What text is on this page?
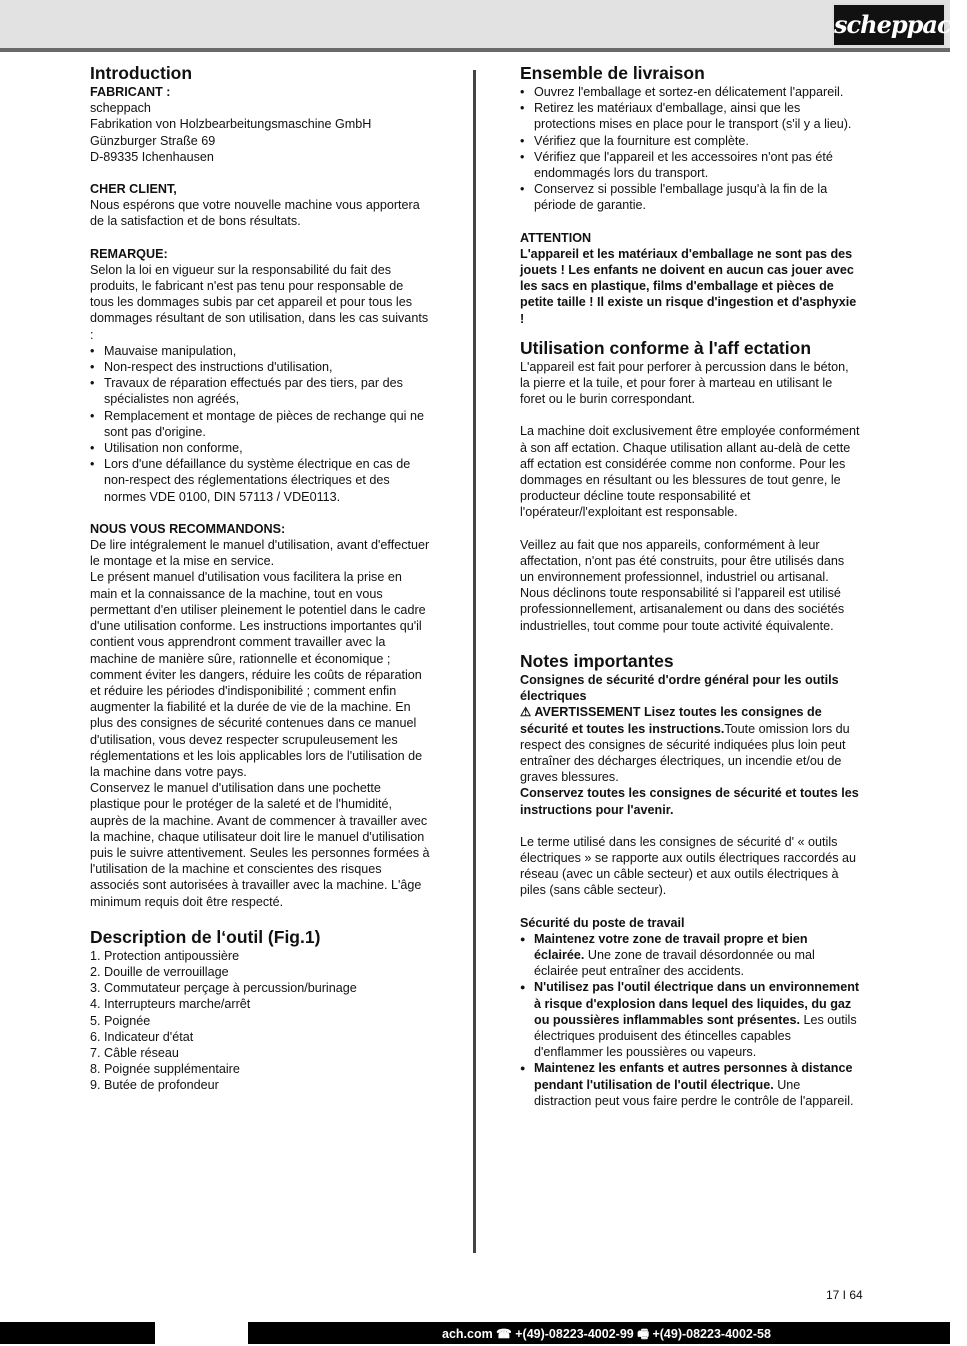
scheppach
Introduction

FABRICANT :

scheppach

Fabrikation von Holzbearbeitungsmaschine GmbH

Günzburger Straße 69

D-89335 Ichenhausen

CHER CLIENT,

Nous espérons que votre nouvelle machine vous apportera de la satisfaction et de bons résultats.

REMARQUE:

Selon la loi en vigueur sur la responsabilité du fait des produits, le fabricant n'est pas tenu pour responsable de tous les dommages subis par cet appareil et pour tous les dommages résultant de son utilisation, dans les cas suivants :

• Mauvaise manipulation,
• Non-respect des instructions d'utilisation,
• Travaux de réparation effectués par des tiers, par des spécialistes non agréés,
• Remplacement et montage de pièces de rechange qui ne sont pas d'origine.
• Utilisation non conforme,
• Lors d'une défaillance du système électrique en cas de non-respect des réglementations électriques et des normes VDE 0100, DIN 57113 / VDE0113.

NOUS VOUS RECOMMANDONS:

De lire intégralement le manuel d'utilisation, avant d'effectuer le montage et la mise en service.

Le présent manuel d'utilisation vous facilitera la prise en main et la connaissance de la machine, tout en vous permettant d'en utiliser pleinement le potentiel dans le cadre d'une utilisation conforme. Les instructions importantes qu'il contient vous apprendront comment travailler avec la machine de manière sûre, rationnelle et économique ; comment éviter les dangers, réduire les coûts de réparation et réduire les périodes d'indisponibilité ; comment enfin augmenter la fiabilité et la durée de vie de la machine. En plus des consignes de sécurité contenues dans ce manuel d'utilisation, vous devez respecter scrupuleusement les réglementations et les lois applicables lors de l'utilisation de la machine dans votre pays.

Conservez le manuel d'utilisation dans une pochette plastique pour le protéger de la saleté et de l'humidité, auprès de la machine. Avant de commencer à travailler avec la machine, chaque utilisateur doit lire le manuel d'utilisation puis le suivre attentivement. Seules les personnes formées à l'utilisation de la machine et conscientes des risques associés sont autorisées à travailler avec la machine. L'âge minimum requis doit être respecté.

Description de l‘outil (Fig.1)
1. Protection antipoussière
2. Douille de verrouillage
3. Commutateur perçage à percussion/burinage
4. Interrupteurs marche/arrêt
5. Poignée
6. Indicateur d'état
7. Câble réseau
8. Poignée supplémentaire
9. Butée de profondeur
Ensemble de livraison
• Ouvrez l'emballage et sortez-en délicatement l'appareil.
• Retirez les matériaux d'emballage, ainsi que les protections mises en place pour le transport (s'il y a lieu).
• Vérifiez que la fourniture est complète.
• Vérifiez que l'appareil et les accessoires n'ont pas été endommagés lors du transport.
• Conservez si possible l'emballage jusqu'à la fin de la période de garantie.

ATTENTION

L'appareil et les matériaux d'emballage ne sont pas des jouets ! Les enfants ne doivent en aucun cas jouer avec les sacs en plastique, films d'emballage et pièces de petite taille ! Il existe un risque d'ingestion et d'asphyxie !

Utilisation conforme à l'aff ectation

L'appareil est fait pour perforer à percussion dans le béton, la pierre et la tuile, et pour forer à marteau en utilisant le foret ou le burin correspondant.

La machine doit exclusivement être employée conformément à son aff ectation. Chaque utilisation allant au-delà de cette aff ectation est considérée comme non conforme. Pour les dommages en résultant ou les blessures de tout genre, le producteur décline toute responsabilité et l'opérateur/l'exploitant est responsable.

Veillez au fait que nos appareils, conformément à leur affectation, n'ont pas été construits, pour être utilisés dans un environnement professionnel, industriel ou artisanal. Nous déclinons toute responsabilité si l'appareil est utilisé professionnellement, artisanalement ou dans des sociétés industrielles, tout comme pour toute activité équivalente.

Notes importantes

Consignes de sécurité d'ordre général pour les outils électriques

⚠ AVERTISSEMENT Lisez toutes les consignes de sécurité et toutes les instructions.Toute omission lors du respect des consignes de sécurité indiquées plus loin peut entraîner des décharges électriques, un incendie et/ou de graves blessures.

Conservez toutes les consignes de sécurité et toutes les instructions pour l'avenir.

Le terme utilisé dans les consignes de sécurité d' « outils électriques » se rapporte aux outils électriques raccordés au réseau (avec un câble secteur) et aux outils électriques à piles (sans câble secteur).

Sécurité du poste de travail

● Maintenez votre zone de travail propre et bien éclairée. Une zone de travail désordonnée ou mal éclairée peut entraîner des accidents.
● N'utilisez pas l'outil électrique dans un environnement à risque d'explosion dans lequel des liquides, du gaz ou poussières inflammables sont présentes. Les outils électriques produisent des étincelles capables d'enflammer les poussières ou vapeurs.
● Maintenez les enfants et autres personnes à distance pendant l'utilisation de l'outil électrique. Une distraction peut vous faire perdre le contrôle de l'appareil.
17 I 64
ach.com ☎ +(49)-08223-4002-99 🖷 +(49)-08223-4002-58
